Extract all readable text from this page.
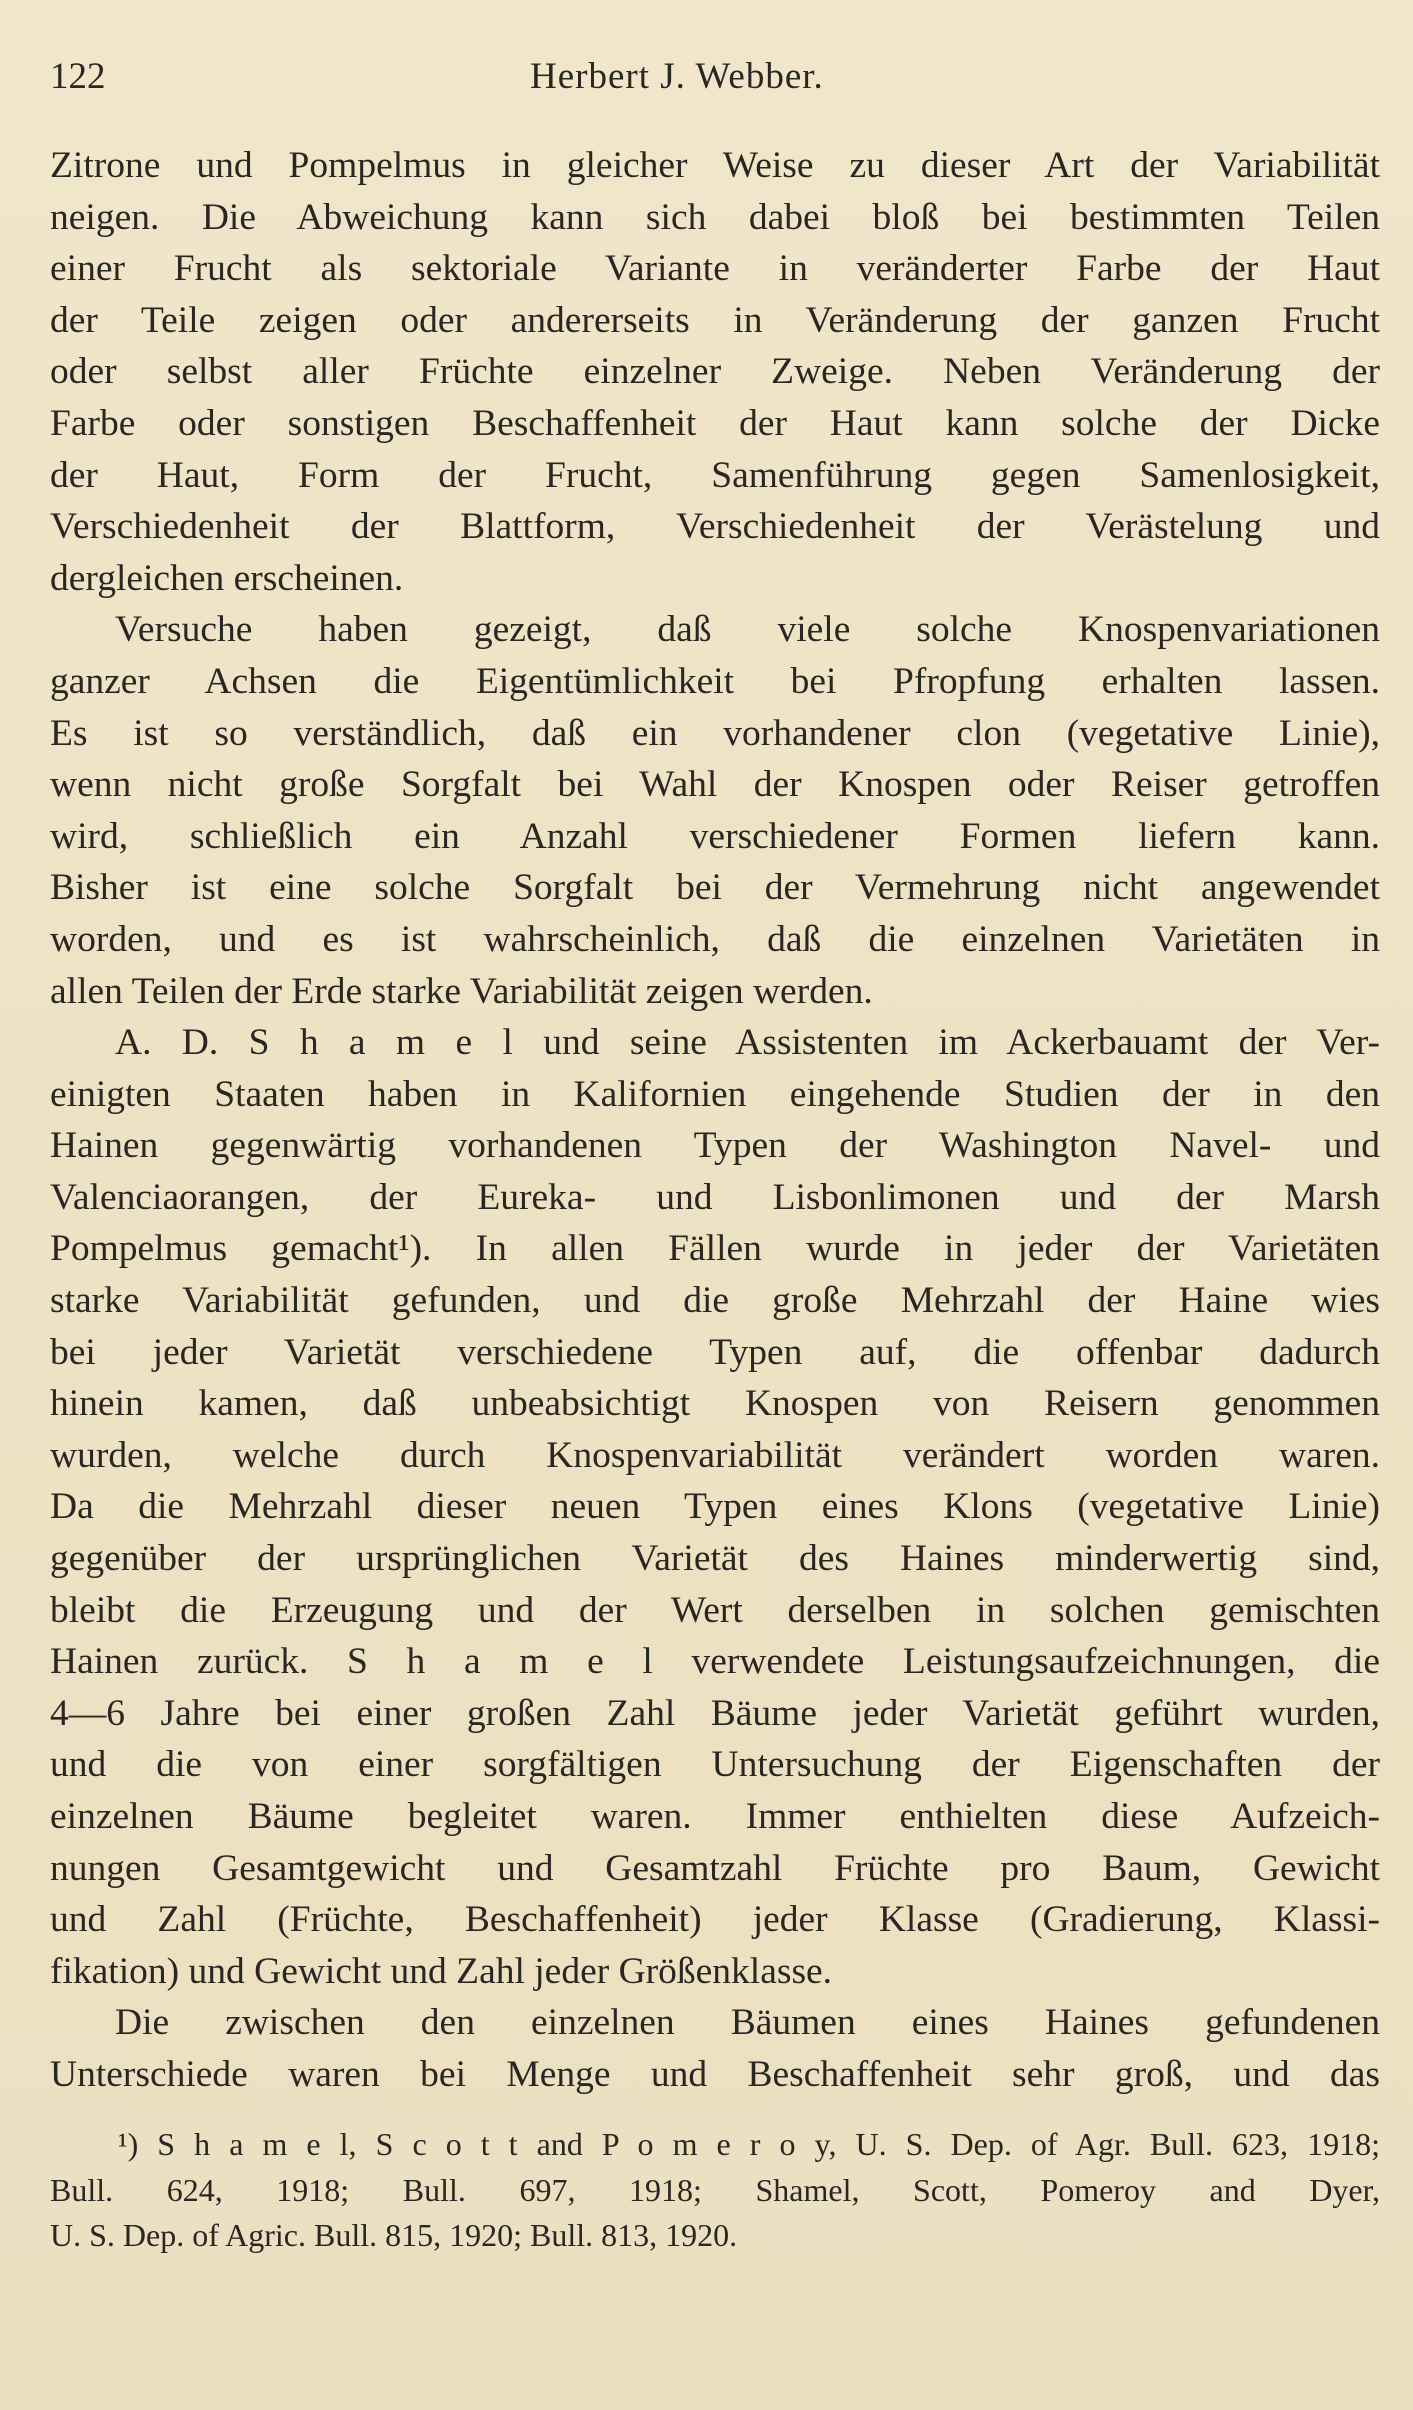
122	Herbert J. Webber.
Zitrone und Pompelmus in gleicher Weise zu dieser Art der Variabilität
neigen. Die Abweichung kann sich dabei bloß bei bestimmten Teilen
einer Frucht als sektoriale Variante in veränderter Farbe der Haut
der Teile zeigen oder andererseits in Veränderung der ganzen Frucht
oder selbst aller Früchte einzelner Zweige. Neben Veränderung der
Farbe oder sonstigen Beschaffenheit der Haut kann solche der Dicke
der Haut, Form der Frucht, Samenführung gegen Samenlosigkeit,
Verschiedenheit der Blattform, Verschiedenheit der Verästelung und
dergleichen erscheinen.
Versuche haben gezeigt, daß viele solche Knospenvariationen
ganzer Achsen die Eigentümlichkeit bei Pfropfung erhalten lassen.
Es ist so verständlich, daß ein vorhandener clon (vegetative Linie),
wenn nicht große Sorgfalt bei Wahl der Knospen oder Reiser getroffen
wird, schließlich ein Anzahl verschiedener Formen liefern kann.
Bisher ist eine solche Sorgfalt bei der Vermehrung nicht angewendet
worden, und es ist wahrscheinlich, daß die einzelnen Varietäten in
allen Teilen der Erde starke Variabilität zeigen werden.
A. D. S h a m e l und seine Assistenten im Ackerbauamt der Ver-
einigten Staaten haben in Kalifornien eingehende Studien der in den
Hainen gegenwärtig vorhandenen Typen der Washington Navel- und
Valenciaorangen, der Eureka- und Lisbonlimonen und der Marsh
Pompelmus gemacht¹). In allen Fällen wurde in jeder der Varietäten
starke Variabilität gefunden, und die große Mehrzahl der Haine wies
bei jeder Varietät verschiedene Typen auf, die offenbar dadurch
hinein kamen, daß unbeabsichtigt Knospen von Reisern genommen
wurden, welche durch Knospenvariabilität verändert worden waren.
Da die Mehrzahl dieser neuen Typen eines Klons (vegetative Linie)
gegenüber der ursprünglichen Varietät des Haines minderwertig sind,
bleibt die Erzeugung und der Wert derselben in solchen gemischten
Hainen zurück. S h a m e l verwendete Leistungsaufzeichnungen, die
4—6 Jahre bei einer großen Zahl Bäume jeder Varietät geführt wurden,
und die von einer sorgfältigen Untersuchung der Eigenschaften der
einzelnen Bäume begleitet waren. Immer enthielten diese Aufzeich-
nungen Gesamtgewicht und Gesamtzahl Früchte pro Baum, Gewicht
und Zahl (Früchte, Beschaffenheit) jeder Klasse (Gradierung, Klassi-
fikation) und Gewicht und Zahl jeder Größenklasse.
Die zwischen den einzelnen Bäumen eines Haines gefundenen
Unterschiede waren bei Menge und Beschaffenheit sehr groß, und das
¹) S h a m e l, S c o t t and P o m e r o y, U. S. Dep. of Agr. Bull. 623, 1918;
Bull. 624, 1918; Bull. 697, 1918; Shamel, Scott, Pomeroy and Dyer,
U. S. Dep. of Agric. Bull. 815, 1920; Bull. 813, 1920.
